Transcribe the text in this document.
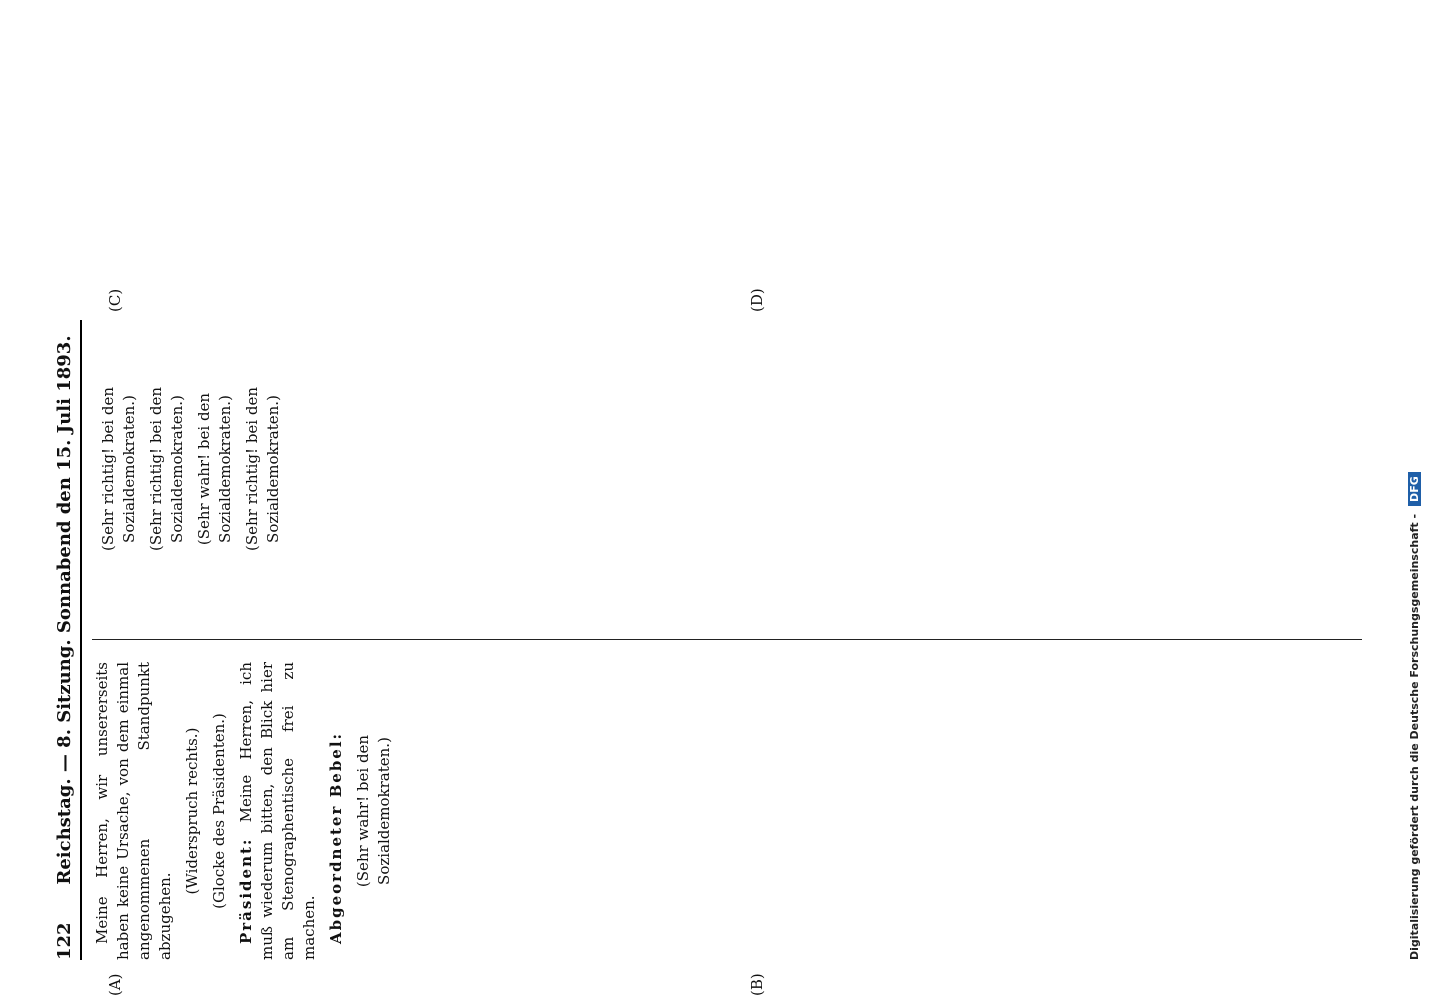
122
Reichstag. — 8. Sitzung. Sonnabend den 15. Juli 1893.
(A)	(B)
(C)	(D)

Meine Herren, wir unsererseits haben keine Ursache, von dem einmal angenommenen Standpunkt abzugehen.

(Widerspruch rechts.) (Glocke des Präsidenten.) Präsident: Meine Herren, ich muß wiederum bitten, den Blick hier am Stenographentische frei zu machen. Abgeordneter Bebel: (Sehr wahr! bei den Sozialdemokraten.)

(Sehr richtig! bei den Sozialdemokraten.) (Sehr richtig! bei den Sozialdemokraten.) (Sehr wahr! bei den Sozialdemokraten.) (Sehr richtig! bei den Sozialdemokraten.)

Digitalisierung gefördert durch die Deutsche Forschungsgemeinschaft -DFG
